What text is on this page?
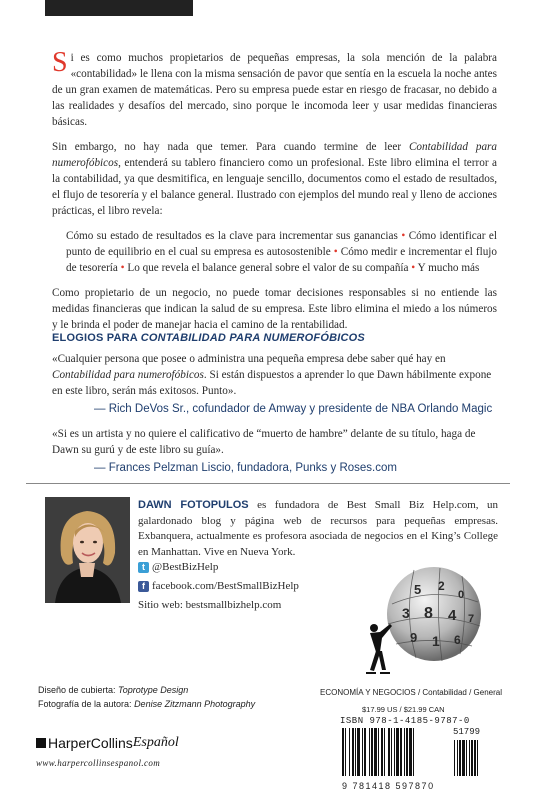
Si es como muchos propietarios de pequeñas empresas, la sola mención de la palabra «contabilidad» le llena con la misma sensación de pavor que sentía en la escuela la noche antes de un gran examen de matemáticas. Pero su empresa puede estar en riesgo de fracasar, no debido a las realidades y desafíos del mercado, sino porque le incomoda leer y usar medidas financieras básicas.

Sin embargo, no hay nada que temer. Para cuando termine de leer Contabilidad para numerofóbicos, entenderá su tablero financiero como un profesional. Este libro elimina el terror a la contabilidad, ya que desmitifica, en lenguaje sencillo, documentos como el estado de resultados, el flujo de tesorería y el balance general. Ilustrado con ejemplos del mundo real y lleno de acciones prácticas, el libro revela:

Cómo su estado de resultados es la clave para incrementar sus ganancias • Cómo identificar el punto de equilibrio en el cual su empresa es autosostenible • Cómo medir e incrementar el flujo de tesorería • Lo que revela el balance general sobre el valor de su compañía • Y mucho más

Como propietario de un negocio, no puede tomar decisiones responsables si no entiende las medidas financieras que indican la salud de su empresa. Este libro elimina el miedo a los números y le brinda el poder de manejar hacia el camino de la rentabilidad.

ELOGIOS PARA CONTABILIDAD PARA NUMEROFÓBICOS
«Cualquier persona que posee o administra una pequeña empresa debe saber qué hay en Contabilidad para numerofóbicos. Si están dispuestos a aprender lo que Dawn hábilmente expone en este libro, serán más exitosos. Punto».
— Rich DeVos Sr., cofundador de Amway y presidente de NBA Orlando Magic
«Si es un artista y no quiere el calificativo de “muerto de hambre” delante de su título, haga de Dawn su gurú y de este libro su guía».
— Frances Pelzman Liscio, fundadora, Punks y Roses.com
DAWN FOTOPULOS es fundadora de Best Small Biz Help.com, un galardonado blog y página web de recursos para pequeñas empresas. Exbanquera, actualmente es profesora asociada de negocios en el King’s College en Manhattan. Vive en Nueva York.
t @BestBizHelp
f facebook.com/BestSmallBizHelp
Sitio web: bestsmallbizhelp.com
5 2
0
3 8 4 7
9 1 6
Diseño de cubierta: Toprotype Design
Fotografía de la autora: Denise Zitzmann Photography
ECONOMÍA Y NEGOCIOS / Contabilidad / General
$17.99 US / $21.99 CAN
ISBN 978-1-4185-9787-0
51799
9 781418 597870
HarperCollins Español
www.harpercollinsespanol.com
